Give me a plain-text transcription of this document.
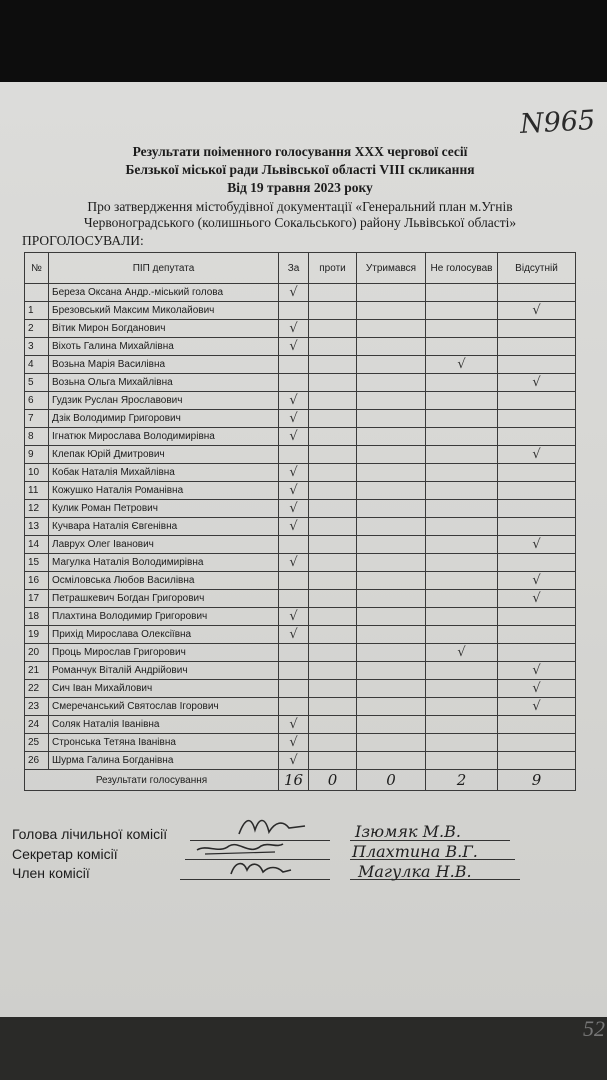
N965
Результати поіменного голосування XXX чергової сесії
Белзької міської ради Львівської області VIII скликання
Від 19 травня 2023 року
Про затвердження містобудівної документації «Генеральний план м.Угнів
Червоноградського (колишнього Сокальського) району Львівської області»
ПРОГОЛОСУВАЛИ:
№	ПІП депутата	За	проти	Утримався	Не голосував	Відсутній
	Береза Оксана Андр.-міський голова	√				
1	Брезовський Максим Миколайович					√
2	Вітик Мирон Богданович	√				
3	Віхоть Галина Михайлівна	√				
4	Возьна Марія Василівна				√	
5	Возьна Ольга Михайлівна					√
6	Гудзик Руслан Ярославович	√				
7	Дзік Володимир Григорович	√				
8	Ігнатюк Мирослава Володимирівна	√				
9	Клепак Юрій Дмитрович					√
10	Кобак Наталія Михайлівна	√				
11	Кожушко Наталія Романівна	√				
12	Кулик Роман Петрович	√				
13	Кучвара Наталія Євгенівна	√				
14	Лаврух Олег Іванович					√
15	Магулка Наталія Володимирівна	√				
16	Осміловська Любов Василівна					√
17	Петрашкевич Богдан Григорович					√
18	Плахтина Володимир Григорович	√				
19	Прихід Мирослава Олексіївна	√				
20	Проць Мирослав Григорович				√	
21	Романчук Віталій Андрійович					√
22	Сич Іван Михайлович					√
23	Смеречанський Святослав Ігорович					√
24	Соляк Наталія Іванівна	√				
25	Стронська Тетяна Іванівна	√				
26	Шурма Галина Богданівна	√				
Результати голосування		16	0	0	2	9
Голова лічильної комісії
Секретар комісії
Член комісії
Ізюмяк М.В.
Плахтина В.Г.
Магулка Н.В.
52
